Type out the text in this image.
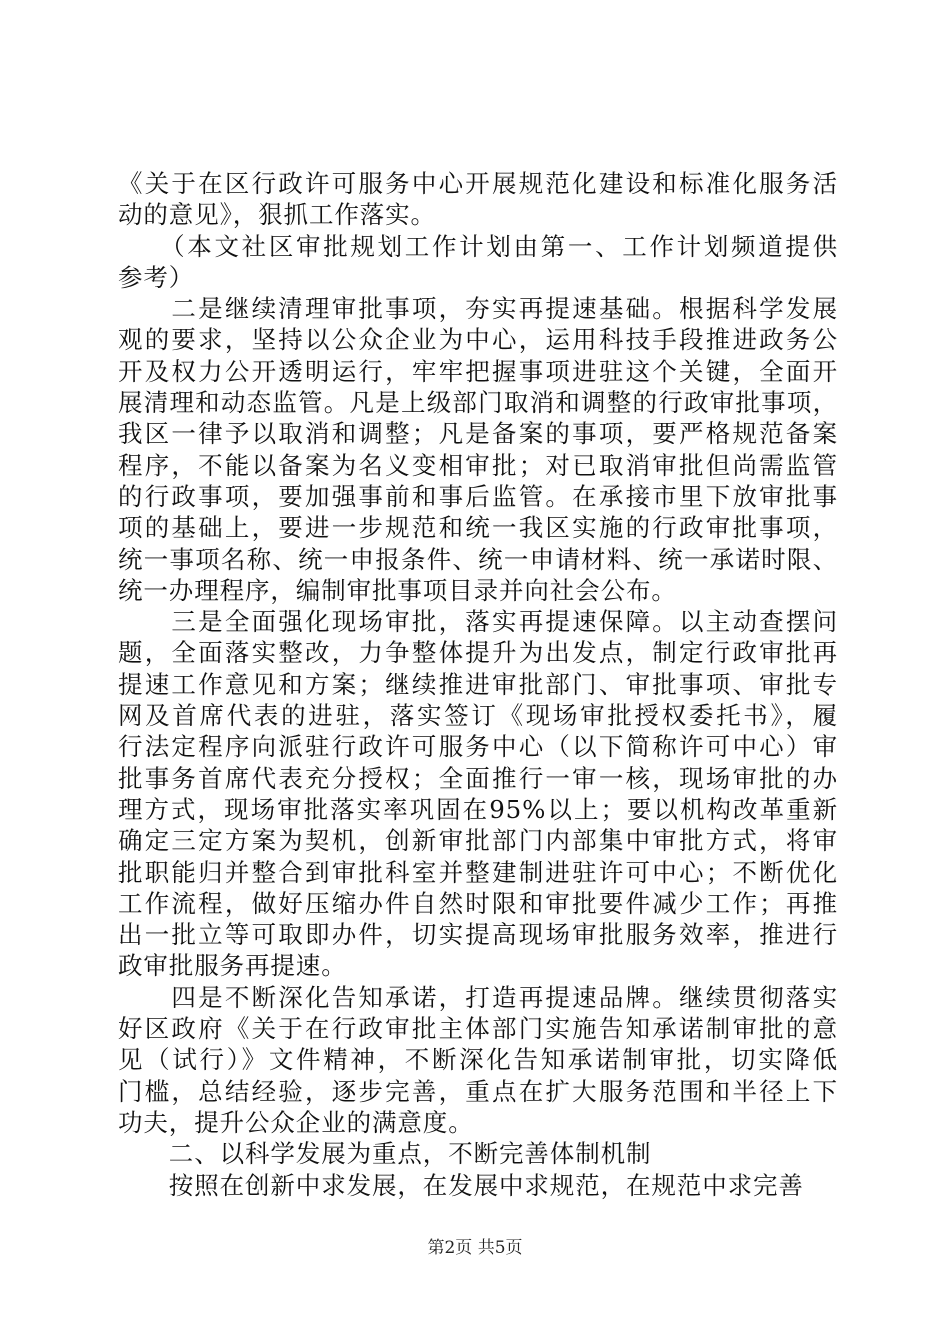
《关于在区行政许可服务中心开展规范化建设和标准化服务活
动的意见》，狠抓工作落实。
　　（本文社区审批规划工作计划由第一、工作计划频道提供
参考）
　　二是继续清理审批事项，夯实再提速基础。根据科学发展
观的要求，坚持以公众企业为中心，运用科技手段推进政务公
开及权力公开透明运行，牢牢把握事项进驻这个关键，全面开
展清理和动态监管。凡是上级部门取消和调整的行政审批事项，
我区一律予以取消和调整；凡是备案的事项，要严格规范备案
程序，不能以备案为名义变相审批；对已取消审批但尚需监管
的行政事项，要加强事前和事后监管。在承接市里下放审批事
项的基础上，要进一步规范和统一我区实施的行政审批事项，
统一事项名称、统一申报条件、统一申请材料、统一承诺时限、
统一办理程序，编制审批事项目录并向社会公布。
　　三是全面强化现场审批，落实再提速保障。以主动查摆问
题，全面落实整改，力争整体提升为出发点，制定行政审批再
提速工作意见和方案；继续推进审批部门、审批事项、审批专
网及首席代表的进驻，落实签订《现场审批授权委托书》，履
行法定程序向派驻行政许可服务中心（以下简称许可中心）审
批事务首席代表充分授权；全面推行一审一核，现场审批的办
理方式，现场审批落实率巩固在95%以上；要以机构改革重新
确定三定方案为契机，创新审批部门内部集中审批方式，将审
批职能归并整合到审批科室并整建制进驻许可中心；不断优化
工作流程，做好压缩办件自然时限和审批要件减少工作；再推
出一批立等可取即办件，切实提高现场审批服务效率，推进行
政审批服务再提速。
　　四是不断深化告知承诺，打造再提速品牌。继续贯彻落实
好区政府《关于在行政审批主体部门实施告知承诺制审批的意
见（试行）》文件精神，不断深化告知承诺制审批，切实降低
门槛，总结经验，逐步完善，重点在扩大服务范围和半径上下
功夫，提升公众企业的满意度。
　　二、以科学发展为重点，不断完善体制机制
　　按照在创新中求发展，在发展中求规范，在规范中求完善
第2页 共5页
